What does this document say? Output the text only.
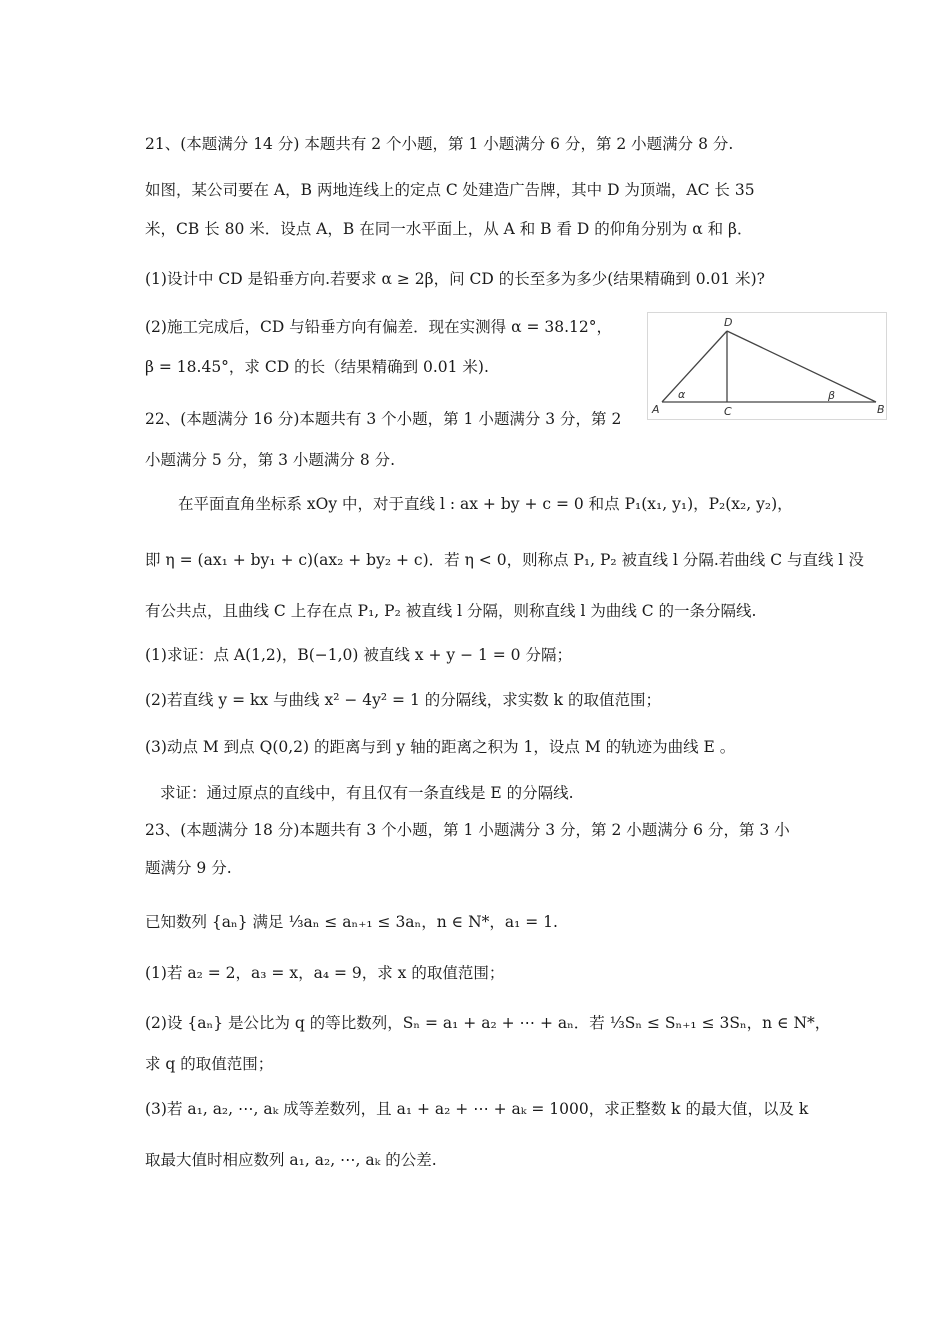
21、(本题满分 14 分) 本题共有 2 个小题，第 1 小题满分 6 分，第 2 小题满分 8 分.
如图，某公司要在 A，B 两地连线上的定点 C 处建造广告牌，其中 D 为顶端，AC 长 35
米，CB 长 80 米．设点 A，B 在同一水平面上，从 A 和 B 看 D 的仰角分别为 α 和 β．
(1)设计中 CD 是铅垂方向.若要求 α ≥ 2β，问 CD 的长至多为多少(结果精确到 0.01 米)?
(2)施工完成后，CD 与铅垂方向有偏差．现在实测得 α = 38.12°，
β = 18.45°，求 CD 的长（结果精确到 0.01 米).
D
A	C	B
α	β
22、(本题满分 16 分)本题共有 3 个小题，第 1 小题满分 3 分，第 2
小题满分 5 分，第 3 小题满分 8 分.
在平面直角坐标系 xOy 中，对于直线 l : ax + by + c = 0 和点 P₁(x₁, y₁)，P₂(x₂, y₂)，
即 η = (ax₁ + by₁ + c)(ax₂ + by₂ + c)．若 η < 0，则称点 P₁, P₂ 被直线 l 分隔.若曲线 C 与直线 l 没
有公共点，且曲线 C 上存在点 P₁, P₂ 被直线 l 分隔，则称直线 l 为曲线 C 的一条分隔线.
(1)求证：点 A(1,2)，B(−1,0) 被直线 x + y − 1 = 0 分隔；
(2)若直线 y = kx 与曲线 x² − 4y² = 1 的分隔线，求实数 k 的取值范围；
(3)动点 M 到点 Q(0,2) 的距离与到 y 轴的距离之积为 1，设点 M 的轨迹为曲线 E 。
求证：通过原点的直线中，有且仅有一条直线是 E 的分隔线.
23、(本题满分 18 分)本题共有 3 个小题，第 1 小题满分 3 分，第 2 小题满分 6 分，第 3 小
题满分 9 分.
已知数列 {aₙ} 满足 ⅓aₙ ≤ aₙ₊₁ ≤ 3aₙ，n ∈ N*，a₁ = 1.
(1)若 a₂ = 2，a₃ = x，a₄ = 9，求 x 的取值范围；
(2)设 {aₙ} 是公比为 q 的等比数列，Sₙ = a₁ + a₂ + ⋯ + aₙ．若 ⅓Sₙ ≤ Sₙ₊₁ ≤ 3Sₙ，n ∈ N*，
求 q 的取值范围；
(3)若 a₁, a₂, ⋯, aₖ 成等差数列，且 a₁ + a₂ + ⋯ + aₖ = 1000，求正整数 k 的最大值，以及 k
取最大值时相应数列 a₁, a₂, ⋯, aₖ 的公差.
